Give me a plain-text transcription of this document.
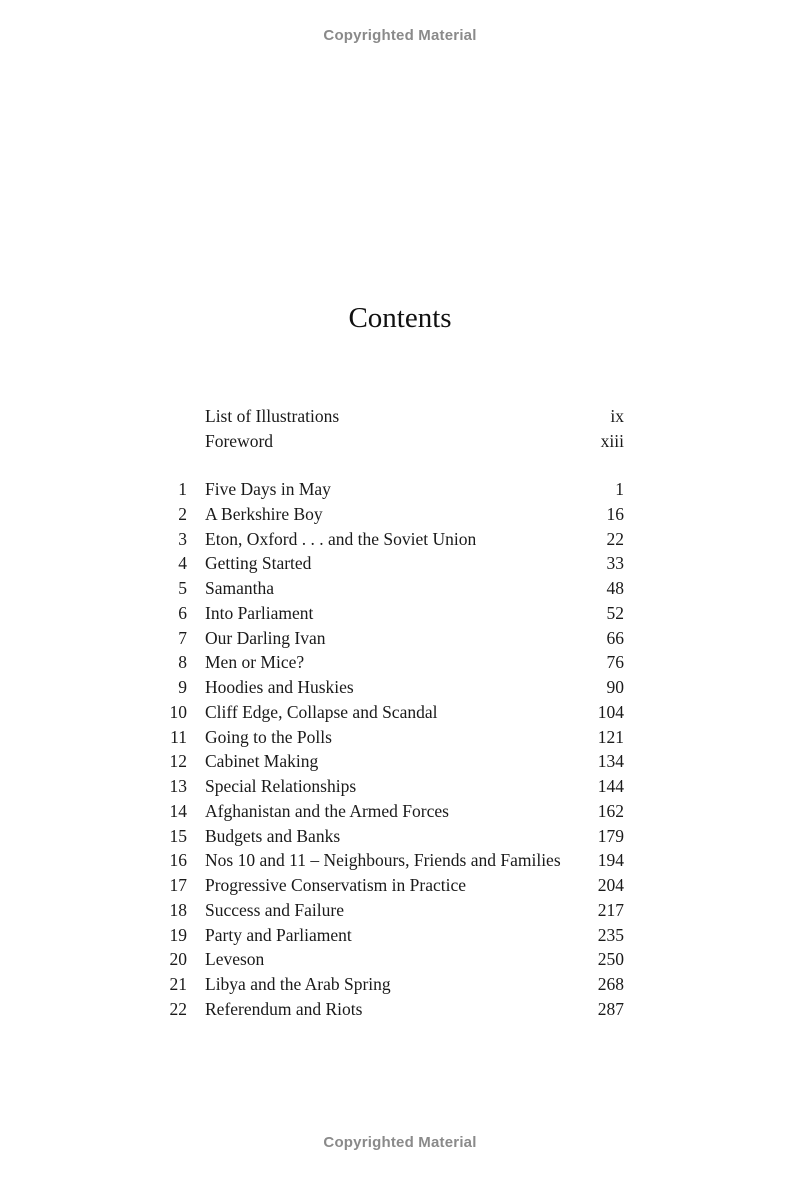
Copyrighted Material
Contents
List of Illustrations	ix
Foreword	xiii
1 Five Days in May	1
2 A Berkshire Boy	16
3 Eton, Oxford . . . and the Soviet Union	22
4 Getting Started	33
5 Samantha	48
6 Into Parliament	52
7 Our Darling Ivan	66
8 Men or Mice?	76
9 Hoodies and Huskies	90
10 Cliff Edge, Collapse and Scandal	104
11 Going to the Polls	121
12 Cabinet Making	134
13 Special Relationships	144
14 Afghanistan and the Armed Forces	162
15 Budgets and Banks	179
16 Nos 10 and 11 – Neighbours, Friends and Families 194
17 Progressive Conservatism in Practice	204
18 Success and Failure	217
19 Party and Parliament	235
20 Leveson	250
21 Libya and the Arab Spring	268
22 Referendum and Riots	287
Copyrighted Material
